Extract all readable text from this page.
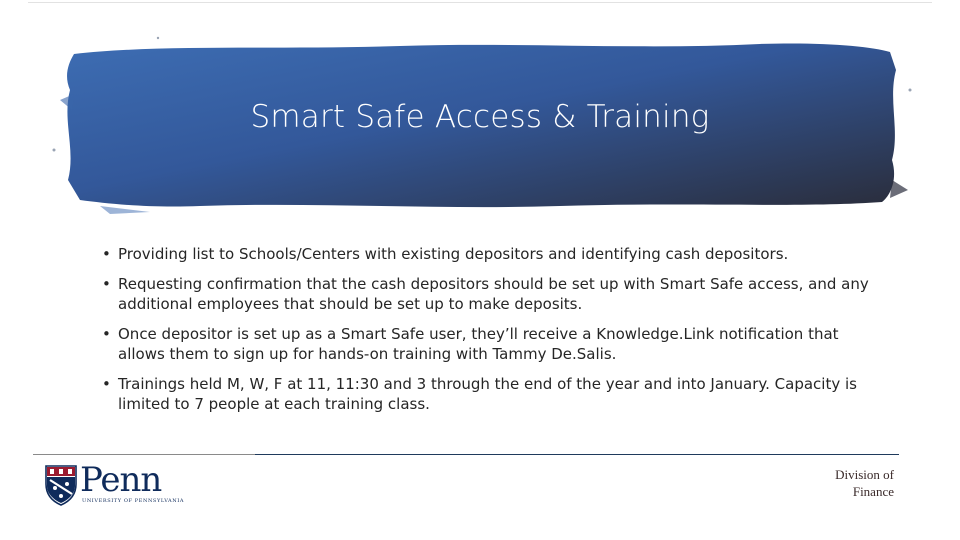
Smart Safe Access & Training
• Providing list to Schools/Centers with existing depositors and identifying cash depositors.
• Requesting confirmation that the cash depositors should be set up with Smart Safe access, and any additional employees that should be set up to make deposits.
• Once depositor is set up as a Smart Safe user, they’ll receive a Knowledge.Link notification that allows them to sign up for hands-on training with Tammy De.Salis.
• Trainings held M, W, F at 11, 11:30 and 3 through the end of the year and into January. Capacity is limited to 7 people at each training class.
Penn
UNIVERSITY OF PENNSYLVANIA
Division of
Finance
